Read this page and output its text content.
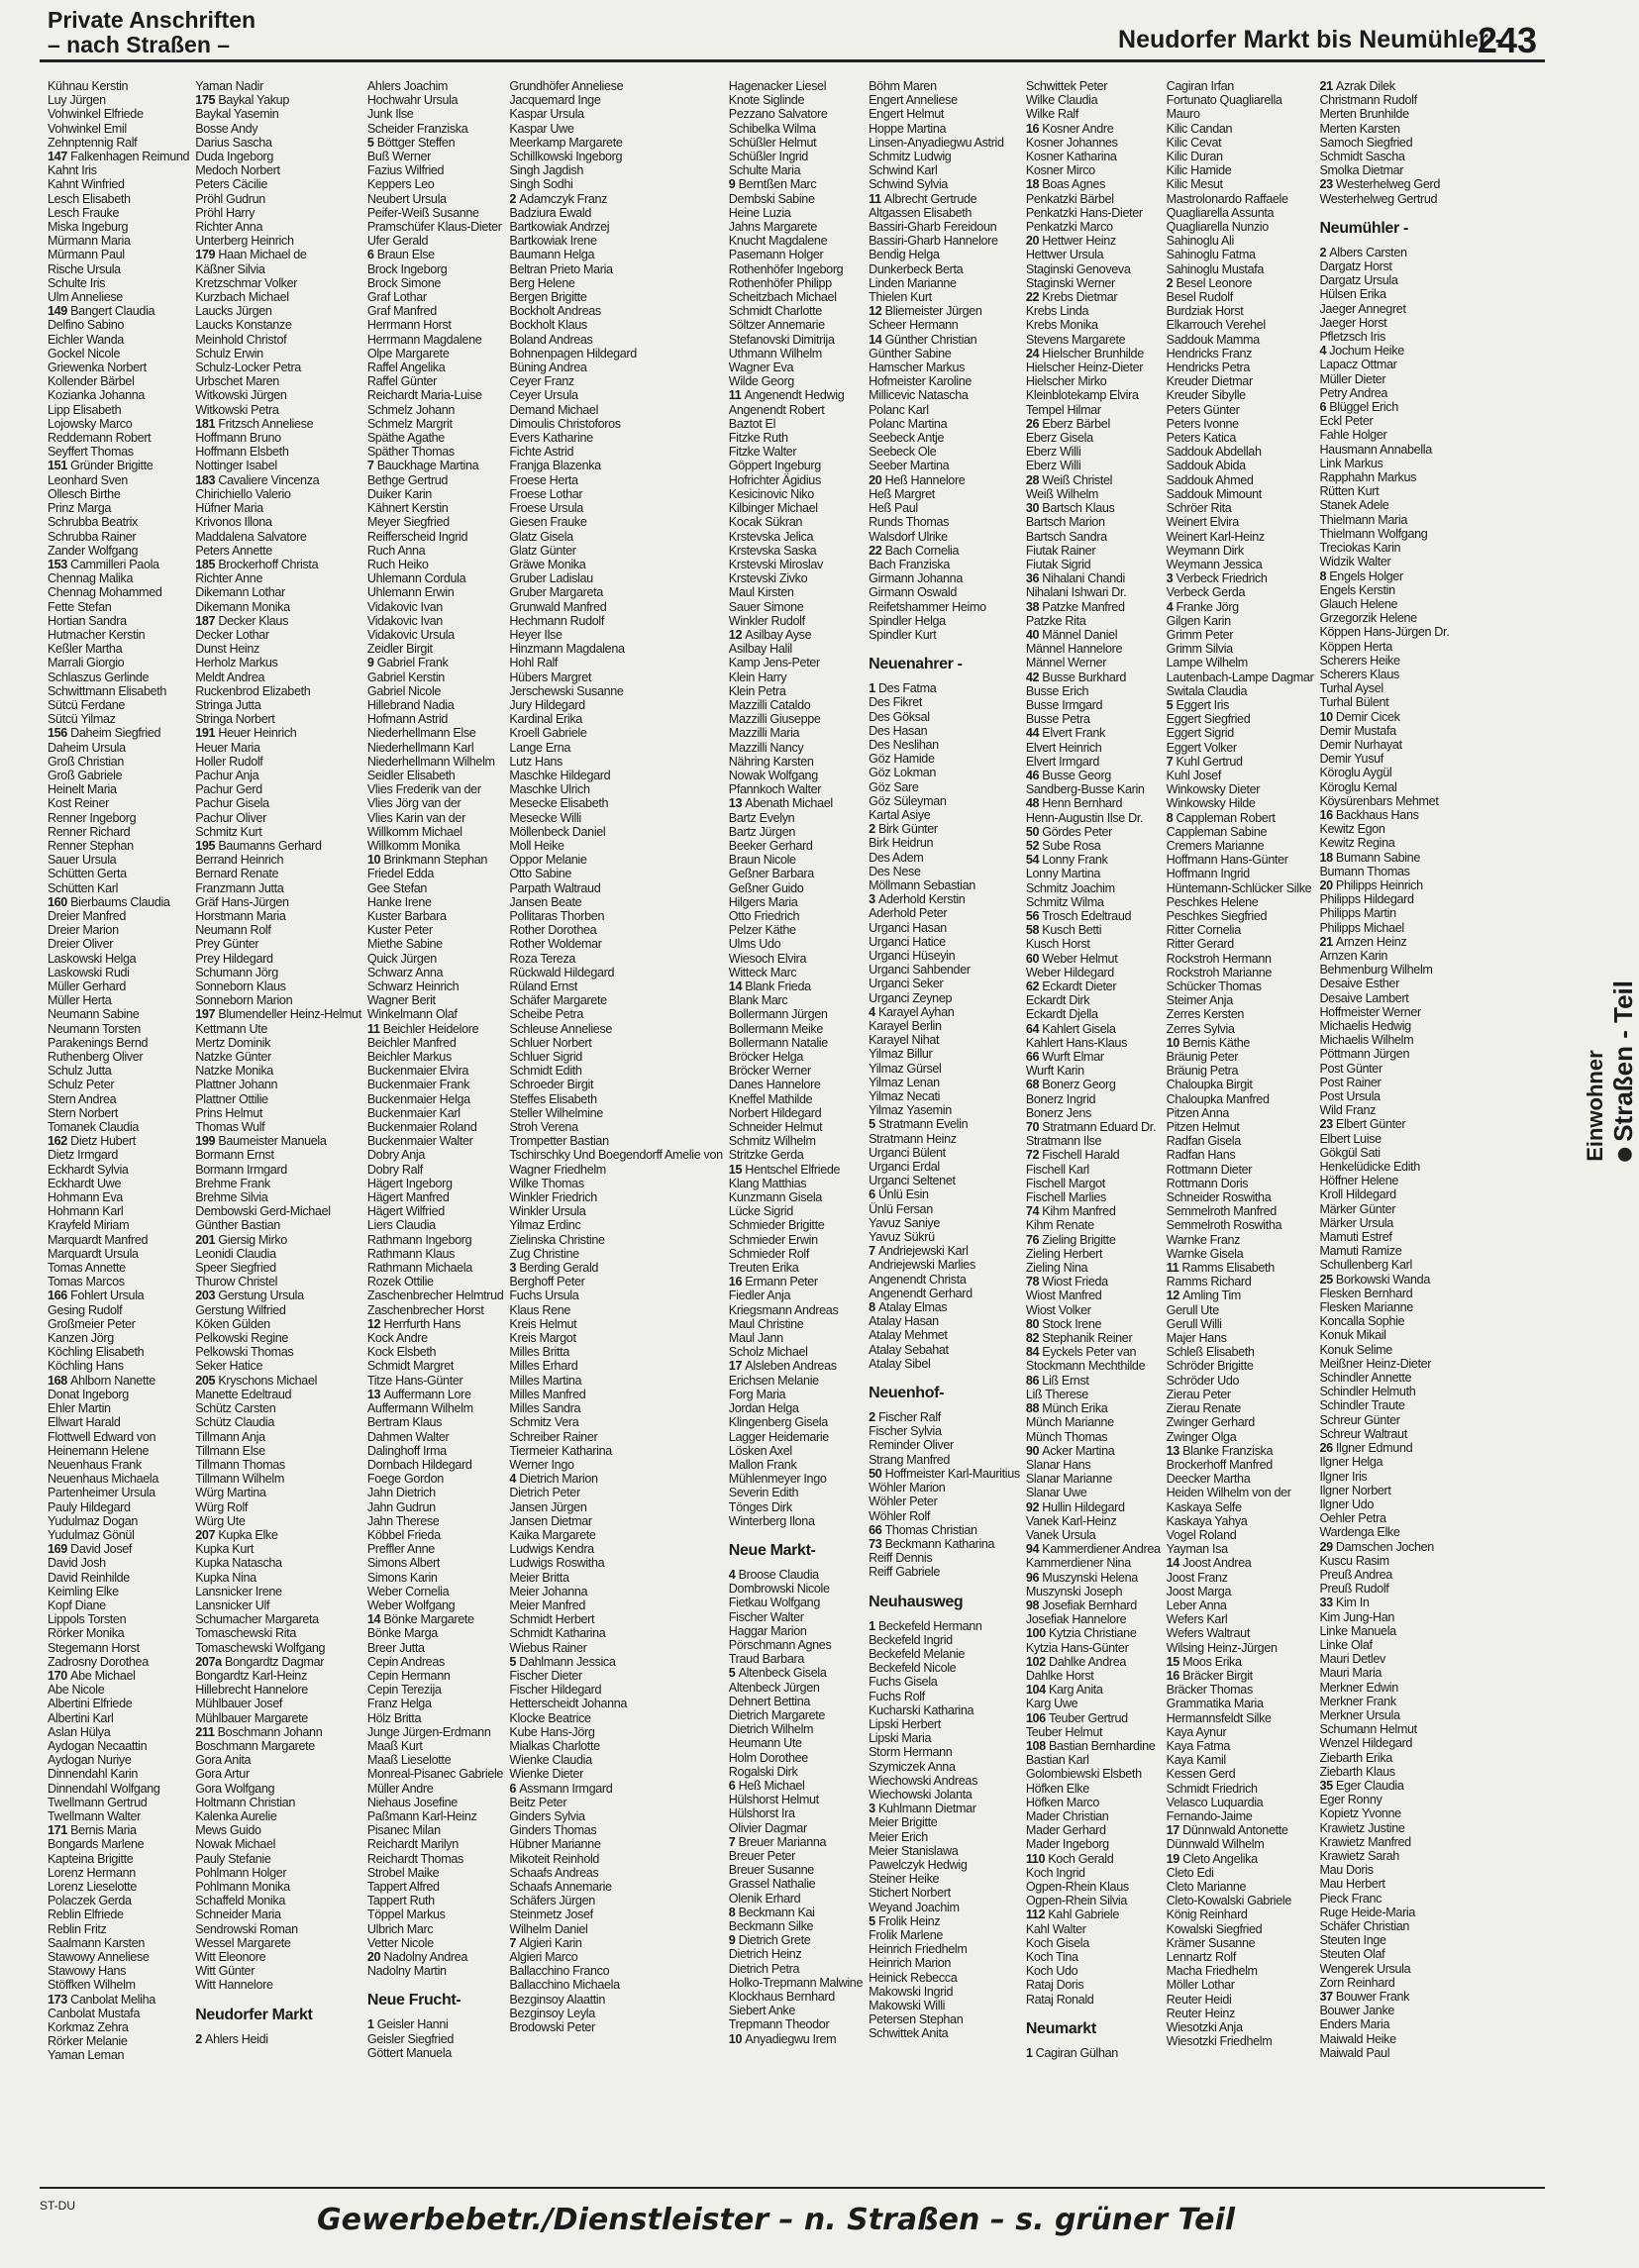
Private Anschriften
– nach Straßen –	Neudorfer Markt bis Neumühler -
243
Kühnau Kerstin
Luy Jürgen
Vohwinkel Elfriede
Vohwinkel Emil
Zehnptennig Ralf
147 Falkenhagen Reimund
Kahnt Iris
Kahnt Winfried
Lesch Elisabeth
Lesch Frauke
Miska Ingeburg
Mürmann Maria
Mürmann Paul
Rische Ursula
Schulte Iris
Ulm Anneliese
149 Bangert Claudia
Delfino Sabino
Eichler Wanda
Gockel Nicole
Griewenka Norbert
Kollender Bärbel
Kozianka Johanna
Lipp Elisabeth
Lojowsky Marco
Reddemann Robert
Seyffert Thomas
151 Gründer Brigitte
Leonhard Sven
Ollesch Birthe
Prinz Marga
Schrubba Beatrix
Schrubba Rainer
Zander Wolfgang
153 Cammilleri Paola
Chennag Malika
Chennag Mohammed
Fette Stefan
Hortian Sandra
Hutmacher Kerstin
Keßler Martha
Marrali Giorgio
Schlaszus Gerlinde
Schwittmann Elisabeth
Sütcü Ferdane
Sütcü Yilmaz
156 Daheim Siegfried
Daheim Ursula
Groß Christian
Groß Gabriele
Heinelt Maria
Kost Reiner
Renner Ingeborg
Renner Richard
Renner Stephan
Sauer Ursula
Schütten Gerta
Schütten Karl
160 Bierbaums Claudia
Dreier Manfred
Dreier Marion
Dreier Oliver
Laskowski Helga
Laskowski Rudi
Müller Gerhard
Müller Herta
Neumann Sabine
Neumann Torsten
Parakenings Bernd
Ruthenberg Oliver
Schulz Jutta
Schulz Peter
Stern Andrea
Stern Norbert
Tomanek Claudia
162 Dietz Hubert
Dietz Irmgard
Eckhardt Sylvia
Eckhardt Uwe
Hohmann Eva
Hohmann Karl
Krayfeld Miriam
Marquardt Manfred
Marquardt Ursula
Tomas Annette
Tomas Marcos
166 Fohlert Ursula
Gesing Rudolf
Großmeier Peter
Kanzen Jörg
Köchling Elisabeth
Köchling Hans
168 Ahlborn Nanette
Donat Ingeborg
Ehler Martin
Ellwart Harald
Flottwell Edward von
Heinemann Helene
Neuenhaus Frank
Neuenhaus Michaela
Partenheimer Ursula
Pauly Hildegard
Yudulmaz Dogan
Yudulmaz Gönül
169 David Josef
David Josh
David Reinhilde
Keimling Elke
Kopf Diane
Lippols Torsten
Rörker Monika
Stegemann Horst
Zadrosny Dorothea
170 Abe Michael
Abe Nicole
Albertini Elfriede
Albertini Karl
Aslan Hülya
Aydogan Necaattin
Aydogan Nuriye
Dinnendahl Karin
Dinnendahl Wolfgang
Twellmann Gertrud
Twellmann Walter
171 Bernis Maria
Bongards Marlene
Kapteina Brigitte
Lorenz Hermann
Lorenz Lieselotte
Polaczek Gerda
Reblin Elfriede
Reblin Fritz
Saalmann Karsten
Stawowy Anneliese
Stawowy Hans
Stöffken Wilhelm
173 Canbolat Meliha
Canbolat Mustafa
Korkmaz Zehra
Rörker Melanie
Yaman Leman
Yaman Nadir
175 Baykal Yakup
Baykal Yasemin
Bosse Andy
Darius Sascha
Duda Ingeborg
Medoch Norbert
Peters Cäcilie
Pröhl Gudrun
Pröhl Harry
Richter Anna
Unterberg Heinrich
179 Haan Michael de
Käßner Silvia
Kretzschmar Volker
Kurzbach Michael
Laucks Jürgen
Laucks Konstanze
Meinhold Christof
Schulz Erwin
Schulz-Locker Petra
Urbschet Maren
Witkowski Jürgen
Witkowski Petra
181 Fritzsch Anneliese
Hoffmann Bruno
Hoffmann Elsbeth
Nottinger Isabel
183 Cavaliere Vincenza
Chirichiello Valerio
Hüfner Maria
Krivonos Illona
Maddalena Salvatore
Peters Annette
185 Brockerhoff Christa
Richter Anne
Dikemann Lothar
Dikemann Monika
187 Decker Klaus
Decker Lothar
Dunst Heinz
Herholz Markus
Meldt Andrea
Ruckenbrod Elizabeth
Stringa Jutta
Stringa Norbert
191 Heuer Heinrich
Heuer Maria
Holler Rudolf
Pachur Anja
Pachur Gerd
Pachur Gisela
Pachur Oliver
Schmitz Kurt
195 Baumanns Gerhard
Berrand Heinrich
Bernard Renate
Franzmann Jutta
Gräf Hans-Jürgen
Horstmann Maria
Neumann Rolf
Prey Günter
Prey Hildegard
Schumann Jörg
Sonneborn Klaus
Sonneborn Marion
197 Blumendeller Heinz-Helmut
Kettmann Ute
Mertz Dominik
Natzke Günter
Natzke Monika
Plattner Johann
Plattner Ottilie
Prins Helmut
Thomas Wulf
199 Baumeister Manuela
Bormann Ernst
Bormann Irmgard
Brehme Frank
Brehme Silvia
Dembowski Gerd-Michael
Günther Bastian
201 Giersig Mirko
Leonidi Claudia
Speer Siegfried
Thurow Christel
203 Gerstung Ursula
Gerstung Wilfried
Köken Gülden
Pelkowski Regine
Pelkowski Thomas
Seker Hatice
205 Kryschons Michael
Manette Edeltraud
Schütz Carsten
Schütz Claudia
Tillmann Anja
Tillmann Else
Tillmann Thomas
Tillmann Wilhelm
Würg Martina
Würg Rolf
Würg Ute
207 Kupka Elke
Kupka Kurt
Kupka Natascha
Kupka Nina
Lansnicker Irene
Lansnicker Ulf
Schumacher Margareta
Tomaschewski Rita
Tomaschewski Wolfgang
207a Bongardtz Dagmar
Bongardtz Karl-Heinz
Hillebrecht Hannelore
Mühlbauer Josef
Mühlbauer Margarete
211 Boschmann Johann
Boschmann Margarete
Gora Anita
Gora Artur
Gora Wolfgang
Holtmann Christian
Kalenka Aurelie
Mews Guido
Nowak Michael
Pauly Stefanie
Pohlmann Holger
Pohlmann Monika
Schaffeld Monika
Schneider Maria
Sendrowski Roman
Wessel Margarete
Witt Eleonore
Witt Günter
Witt Hannelore
Neudorfer Markt
2 Ahlers Heidi
Ahlers Joachim
Hochwahr Ursula
Junk Ilse
Scheider Franziska
5 Böttger Steffen
Buß Werner
Fazius Wilfried
Keppers Leo
Neubert Ursula
Peifer-Weiß Susanne
Pramschüfer Klaus-Dieter
Ufer Gerald
6 Braun Else
Brock Ingeborg
Brock Simone
Graf Lothar
Graf Manfred
Herrmann Horst
Herrmann Magdalene
Olpe Margarete
Raffel Angelika
Raffel Günter
Reichardt Maria-Luise
Schmelz Johann
Schmelz Margrit
Späthe Agathe
Späther Thomas
7 Bauckhage Martina
Bethge Gertrud
Duiker Karin
Kähnert Kerstin
Meyer Siegfried
Reifferscheid Ingrid
Ruch Anna
Ruch Heiko
Uhlemann Cordula
Uhlemann Erwin
Vidakovic Ivan
Vidakovic Ivan
Vidakovic Ursula
Zeidler Birgit
9 Gabriel Frank
Gabriel Kerstin
Gabriel Nicole
Hillebrand Nadia
Hofmann Astrid
Niederhellmann Else
Niederhellmann Karl
Niederhellmann Wilhelm
Seidler Elisabeth
Vlies Frederik van der
Vlies Jörg van der
Vlies Karin van der
Willkomm Michael
Willkomm Monika
10 Brinkmann Stephan
Friedel Edda
Gee Stefan
Hanke Irene
Kuster Barbara
Kuster Peter
Miethe Sabine
Quick Jürgen
Schwarz Anna
Schwarz Heinrich
Wagner Berit
Winkelmann Olaf
11 Beichler Heidelore
Beichler Manfred
Beichler Markus
Buckenmaier Elvira
Buckenmaier Frank
Buckenmaier Helga
Buckenmaier Karl
Buckenmaier Roland
Buckenmaier Walter
Dobry Anja
Dobry Ralf
Hägert Ingeborg
Hägert Manfred
Hägert Wilfried
Liers Claudia
Rathmann Ingeborg
Rathmann Klaus
Rathmann Michaela
Rozek Ottilie
Zaschenbrecher Helmtrud
Zaschenbrecher Horst
12 Herrfurth Hans
Kock Andre
Kock Elsbeth
Schmidt Margret
Titze Hans-Günter
13 Auffermann Lore
Auffermann Wilhelm
Bertram Klaus
Dahmen Walter
Dalinghoff Irma
Dornbach Hildegard
Foege Gordon
Jahn Dietrich
Jahn Gudrun
Jahn Therese
Köbbel Frieda
Preffler Anne
Simons Albert
Simons Karin
Weber Cornelia
Weber Wolfgang
14 Bönke Margarete
Bönke Marga
Breer Jutta
Cepin Andreas
Cepin Hermann
Cepin Terezija
Franz Helga
Hölz Britta
Junge Jürgen-Erdmann
Maaß Kurt
Maaß Lieselotte
Monreal-Pisanec Gabriele
Müller Andre
Niehaus Josefine
Paßmann Karl-Heinz
Pisanec Milan
Reichardt Marilyn
Reichardt Thomas
Strobel Maike
Tappert Alfred
Tappert Ruth
Töppel Markus
Ulbrich Marc
Vetter Nicole
20 Nadolny Andrea
Nadolny Martin
Neue Frucht-
1 Geisler Hanni
Geisler Siegfried
Göttert Manuela
Grundhöfer Anneliese
Jacquemard Inge
Kaspar Ursula
Kaspar Uwe
Meerkamp Margarete
Schillkowski Ingeborg
Singh Jagdish
Singh Sodhi
2 Adamczyk Franz
Badziura Ewald
Bartkowiak Andrzej
Bartkowiak Irene
Baumann Helga
Beltran Prieto Maria
Berg Helene
Bergen Brigitte
Bockholt Andreas
Bockholt Klaus
Boland Andreas
Bohnenpagen Hildegard
Büning Andrea
Ceyer Franz
Ceyer Ursula
Demand Michael
Dimoulis Christoforos
Evers Katharine
Fichte Astrid
Franjga Blazenka
Froese Herta
Froese Lothar
Froese Ursula
Giesen Frauke
Glatz Gisela
Glatz Günter
Gräwe Monika
Gruber Ladislau
Gruber Margareta
Grunwald Manfred
Hechmann Rudolf
Heyer Ilse
Hinzmann Magdalena
Hohl Ralf
Hübers Margret
Jerschewski Susanne
Jury Hildegard
Kardinal Erika
Kroell Gabriele
Lange Erna
Lutz Hans
Maschke Hildegard
Maschke Ulrich
Mesecke Elisabeth
Mesecke Willi
Möllenbeck Daniel
Moll Heike
Oppor Melanie
Otto Sabine
Parpath Waltraud
Jansen Beate
Pollitaras Thorben
Rother Dorothea
Rother Woldemar
Roza Tereza
Rückwald Hildegard
Rüland Ernst
Schäfer Margarete
Scheibe Petra
Schleuse Anneliese
Schluer Norbert
Schluer Sigrid
Schmidt Edith
Schroeder Birgit
Steffes Elisabeth
Steller Wilhelmine
Stroh Verena
Trompetter Bastian
Tschirschky Und Boegendorff Amelie von
Wagner Friedhelm
Wilke Thomas
Winkler Friedrich
Winkler Ursula
Yilmaz Erdinc
Zielinska Christine
Zug Christine
3 Berding Gerald
Berghoff Peter
Fuchs Ursula
Klaus Rene
Kreis Helmut
Kreis Margot
Milles Britta
Milles Erhard
Milles Martina
Milles Manfred
Milles Sandra
Schmitz Vera
Schreiber Rainer
Tiermeier Katharina
Werner Ingo
4 Dietrich Marion
Dietrich Peter
Jansen Jürgen
Jansen Dietmar
Kaika Margarete
Ludwigs Kendra
Ludwigs Roswitha
Meier Britta
Meier Johanna
Meier Manfred
Schmidt Herbert
Schmidt Katharina
Wiebus Rainer
5 Dahlmann Jessica
Fischer Dieter
Fischer Hildegard
Hetterscheidt Johanna
Klocke Beatrice
Kube Hans-Jörg
Mialkas Charlotte
Wienke Claudia
Wienke Dieter
6 Assmann Irmgard
Beitz Peter
Ginders Sylvia
Ginders Thomas
Hübner Marianne
Mikoteit Reinhold
Schaafs Andreas
Schaafs Annemarie
Schäfers Jürgen
Steinmetz Josef
Wilhelm Daniel
7 Algieri Karin
Algieri Marco
Ballacchino Franco
Ballacchino Michaela
Bezginsoy Alaattin
Bezginsoy Leyla
Brodowski Peter
Hagenacker Liesel
Knote Siglinde
Pezzano Salvatore
Schibelka Wilma
Schüßler Helmut
Schüßler Ingrid
Schulte Maria
9 Berntßen Marc
Dembski Sabine
Heine Luzia
Jahns Margarete
Knucht Magdalene
Pasemann Holger
Rothenhöfer Ingeborg
Rothenhöfer Philipp
Scheitzbach Michael
Schmidt Charlotte
Söltzer Annemarie
Stefanovski Dimitrija
Uthmann Wilhelm
Wagner Eva
Wilde Georg
11 Angenendt Hedwig
Angenendt Robert
Baztot El
Fitzke Ruth
Fitzke Walter
Göppert Ingeburg
Hofrichter Ägidius
Kesicinovic Niko
Kilbinger Michael
Kocak Sükran
Krstevska Jelica
Krstevska Saska
Krstevski Miroslav
Krstevski Zivko
Maul Kirsten
Sauer Simone
Winkler Rudolf
12 Asilbay Ayse
Asilbay Halil
Kamp Jens-Peter
Klein Harry
Klein Petra
Mazzilli Cataldo
Mazzilli Giuseppe
Mazzilli Maria
Mazzilli Nancy
Nähring Karsten
Nowak Wolfgang
Pfannkoch Walter
13 Abenath Michael
Bartz Evelyn
Bartz Jürgen
Beeker Gerhard
Braun Nicole
Geßner Barbara
Geßner Guido
Hilgers Maria
Otto Friedrich
Pelzer Käthe
Ulms Udo
Wiesoch Elvira
Witteck Marc
14 Blank Frieda
Blank Marc
Bollermann Jürgen
Bollermann Meike
Bollermann Natalie
Bröcker Helga
Bröcker Werner
Danes Hannelore
Kneffel Mathilde
Norbert Hildegard
Schneider Helmut
Schmitz Wilhelm
Stritzke Gerda
15 Hentschel Elfriede
Klang Matthias
Kunzmann Gisela
Lücke Sigrid
Schmieder Brigitte
Schmieder Erwin
Schmieder Rolf
Treuten Erika
16 Ermann Peter
Fiedler Anja
Kriegsmann Andreas
Maul Christine
Maul Jann
Scholz Michael
17 Alsleben Andreas
Erichsen Melanie
Forg Maria
Jordan Helga
Klingenberg Gisela
Lagger Heidemarie
Lösken Axel
Mallon Frank
Mühlenmeyer Ingo
Severin Edith
Tönges Dirk
Winterberg Ilona
Neue Markt-
4 Broose Claudia
Dombrowski Nicole
Fietkau Wolfgang
Fischer Walter
Haggar Marion
Pörschmann Agnes
Traud Barbara
5 Altenbeck Gisela
Altenbeck Jürgen
Dehnert Bettina
Dietrich Margarete
Dietrich Wilhelm
Heumann Ute
Holm Dorothee
Rogalski Dirk
6 Heß Michael
Hülshorst Helmut
Hülshorst Ira
Olivier Dagmar
7 Breuer Marianna
Breuer Peter
Breuer Susanne
Grassel Nathalie
Olenik Erhard
8 Beckmann Kai
Beckmann Silke
9 Dietrich Grete
Dietrich Heinz
Dietrich Petra
Holko-Trepmann Malwine
Klockhaus Bernhard
Siebert Anke
Trepmann Theodor
10 Anyadiegwu Irem
Böhm Maren
Engert Anneliese
Engert Helmut
Hoppe Martina
Linsen-Anyadiegwu Astrid
Schmitz Ludwig
Schwind Karl
Schwind Sylvia
11 Albrecht Gertrude
Altgassen Elisabeth
Bassiri-Gharb Fereidoun
Bassiri-Gharb Hannelore
Bendig Helga
Dunkerbeck Berta
Linden Marianne
Thielen Kurt
12 Bliemeister Jürgen
Scheer Hermann
14 Günther Christian
Günther Sabine
Hamscher Markus
Hofmeister Karoline
Millicevic Natascha
Polanc Karl
Polanc Martina
Seebeck Antje
Seebeck Ole
Seeber Martina
20 Heß Hannelore
Heß Margret
Heß Paul
Runds Thomas
Walsdorf Ulrike
22 Bach Cornelia
Bach Franziska
Girmann Johanna
Girmann Oswald
Reifetshammer Heimo
Spindler Helga
Spindler Kurt
Neuenahrer -
1 Des Fatma
Des Fikret
Des Göksal
Des Hasan
Des Neslihan
Göz Hamide
Göz Lokman
Göz Sare
Göz Süleyman
Kartal Asiye
2 Birk Günter
Birk Heidrun
Des Adem
Des Nese
Möllmann Sebastian
3 Aderhold Kerstin
Aderhold Peter
Urganci Hasan
Urganci Hatice
Urganci Hüseyin
Urganci Sahbender
Urganci Seker
Urganci Zeynep
4 Karayel Ayhan
Karayel Berlin
Karayel Nihat
Yilmaz Billur
Yilmaz Gürsel
Yilmaz Lenan
Yilmaz Necati
Yilmaz Yasemin
5 Stratmann Evelin
Stratmann Heinz
Urganci Bülent
Urganci Erdal
Urganci Seltenet
6 Ünlü Esin
Ünlü Fersan
Yavuz Saniye
Yavuz Sükrü
7 Andriejewski Karl
Andriejewski Marlies
Angenendt Christa
Angenendt Gerhard
8 Atalay Elmas
Atalay Hasan
Atalay Mehmet
Atalay Sebahat
Atalay Sibel
Neuenhof-
2 Fischer Ralf
Fischer Sylvia
Reminder Oliver
Strang Manfred
50 Hoffmeister Karl-Mauritius
Wöhler Marion
Wöhler Peter
Wöhler Rolf
66 Thomas Christian
73 Beckmann Katharina
Reiff Dennis
Reiff Gabriele
Neuhausweg
1 Beckefeld Hermann
Beckefeld Ingrid
Beckefeld Melanie
Beckefeld Nicole
Fuchs Gisela
Fuchs Rolf
Kucharski Katharina
Lipski Herbert
Lipski Maria
Storm Hermann
Szymiczek Anna
Wiechowski Andreas
Wiechowski Jolanta
3 Kuhlmann Dietmar
Meier Brigitte
Meier Erich
Meier Stanislawa
Pawelczyk Hedwig
Steiner Heike
Stichert Norbert
Weyand Joachim
5 Frolik Heinz
Frolik Marlene
Heinrich Friedhelm
Heinrich Marion
Heinick Rebecca
Makowski Ingrid
Makowski Willi
Petersen Stephan
Schwittek Anita
Schwittek Peter
Wilke Claudia
Wilke Ralf
16 Kosner Andre
Kosner Johannes
Kosner Katharina
Kosner Mirco
18 Boas Agnes
Penkatzki Bärbel
Penkatzki Hans-Dieter
Penkatzki Marco
20 Hettwer Heinz
Hettwer Ursula
Staginski Genoveva
Staginski Werner
22 Krebs Dietmar
Krebs Linda
Krebs Monika
Stevens Margarete
24 Hielscher Brunhilde
Hielscher Heinz-Dieter
Hielscher Mirko
Kleinblotekamp Elvira
Tempel Hilmar
26 Eberz Bärbel
Eberz Gisela
Eberz Willi
Eberz Willi
28 Weiß Christel
Weiß Wilhelm
30 Bartsch Klaus
Bartsch Marion
Bartsch Sandra
Fiutak Rainer
Fiutak Sigrid
36 Nihalani Chandi
Nihalani Ishwari Dr.
38 Patzke Manfred
Patzke Rita
40 Männel Daniel
Männel Hannelore
Männel Werner
42 Busse Burkhard
Busse Erich
Busse Irmgard
Busse Petra
44 Elvert Frank
Elvert Heinrich
Elvert Irmgard
46 Busse Georg
Sandberg-Busse Karin
48 Henn Bernhard
Henn-Augustin Ilse Dr.
50 Gördes Peter
52 Sube Rosa
54 Lonny Frank
Lonny Martina
Schmitz Joachim
Schmitz Wilma
56 Trosch Edeltraud
58 Kusch Betti
Kusch Horst
60 Weber Helmut
Weber Hildegard
62 Eckardt Dieter
Eckardt Dirk
Eckardt Djella
64 Kahlert Gisela
Kahlert Hans-Klaus
66 Wurft Elmar
Wurft Karin
68 Bonerz Georg
Bonerz Ingrid
Bonerz Jens
70 Stratmann Eduard Dr.
Stratmann Ilse
72 Fischell Harald
Fischell Karl
Fischell Margot
Fischell Marlies
74 Kihm Manfred
Kihm Renate
76 Zieling Brigitte
Zieling Herbert
Zieling Nina
78 Wiost Frieda
Wiost Manfred
Wiost Volker
80 Stock Irene
82 Stephanik Reiner
84 Eyckels Peter van
Stockmann Mechthilde
86 Liß Ernst
Liß Therese
88 Münch Erika
Münch Marianne
Münch Thomas
90 Acker Martina
Slanar Hans
Slanar Marianne
Slanar Uwe
92 Hullin Hildegard
Vanek Karl-Heinz
Vanek Ursula
94 Kammerdiener Andrea
Kammerdiener Nina
96 Muszynski Helena
Muszynski Joseph
98 Josefiak Bernhard
Josefiak Hannelore
100 Kytzia Christiane
Kytzia Hans-Günter
102 Dahlke Andrea
Dahlke Horst
104 Karg Anita
Karg Uwe
106 Teuber Gertrud
Teuber Helmut
108 Bastian Bernhardine
Bastian Karl
Golombiewski Elsbeth
Höfken Elke
Höfken Marco
Mader Christian
Mader Gerhard
Mader Ingeborg
110 Koch Gerald
Koch Ingrid
Ogpen-Rhein Klaus
Ogpen-Rhein Silvia
112 Kahl Gabriele
Kahl Walter
Koch Gisela
Koch Tina
Koch Udo
Rataj Doris
Rataj Ronald
Neumarkt
1 Cagiran Gülhan
Cagiran Irfan
Fortunato Quagliarella
Mauro
Kilic Candan
Kilic Cevat
Kilic Duran
Kilic Hamide
Kilic Mesut
Mastrolonardo Raffaele
Quagliarella Assunta
Quagliarella Nunzio
Sahinoglu Ali
Sahinoglu Fatma
Sahinoglu Mustafa
2 Besel Leonore
Besel Rudolf
Burdziak Horst
Elkarrouch Verehel
Saddouk Mamma
Hendricks Franz
Hendricks Petra
Kreuder Dietmar
Kreuder Sibylle
Peters Günter
Peters Ivonne
Peters Katica
Saddouk Abdellah
Saddouk Abida
Saddouk Ahmed
Saddouk Mimount
Schröer Rita
Weinert Elvira
Weinert Karl-Heinz
Weymann Dirk
Weymann Jessica
3 Verbeck Friedrich
Verbeck Gerda
4 Franke Jörg
Gilgen Karin
Grimm Peter
Grimm Silvia
Lampe Wilhelm
Lautenbach-Lampe Dagmar
Switala Claudia
5 Eggert Iris
Eggert Siegfried
Eggert Sigrid
Eggert Volker
7 Kuhl Gertrud
Kuhl Josef
Winkowsky Dieter
Winkowsky Hilde
8 Cappleman Robert
Cappleman Sabine
Cremers Marianne
Hoffmann Hans-Günter
Hoffmann Ingrid
Hüntemann-Schlücker Silke
Peschkes Helene
Peschkes Siegfried
Ritter Cornelia
Ritter Gerard
Rockstroh Hermann
Rockstroh Marianne
Schücker Thomas
Steimer Anja
Zerres Kersten
Zerres Sylvia
10 Bernis Käthe
Bräunig Peter
Bräunig Petra
Chaloupka Birgit
Chaloupka Manfred
Pitzen Anna
Pitzen Helmut
Radfan Gisela
Radfan Hans
Rottmann Dieter
Rottmann Doris
Schneider Roswitha
Semmelroth Manfred
Semmelroth Roswitha
Warnke Franz
Warnke Gisela
11 Ramms Elisabeth
Ramms Richard
12 Amling Tim
Gerull Ute
Gerull Willi
Majer Hans
Schleß Elisabeth
Schröder Brigitte
Schröder Udo
Zierau Peter
Zierau Renate
Zwinger Gerhard
Zwinger Olga
13 Blanke Franziska
Brockerhoff Manfred
Deecker Martha
Heiden Wilhelm von der
Kaskaya Selfe
Kaskaya Yahya
Vogel Roland
Yayman Isa
14 Joost Andrea
Joost Franz
Joost Marga
Leber Anna
Wefers Karl
Wefers Waltraut
Wilsing Heinz-Jürgen
15 Moos Erika
16 Bräcker Birgit
Bräcker Thomas
Grammatika Maria
Hermannsfeldt Silke
Kaya Aynur
Kaya Fatma
Kaya Kamil
Kessen Gerd
Schmidt Friedrich
Velasco Luquardia
Fernando-Jaime
17 Dünnwald Antonette
Dünnwald Wilhelm
19 Cleto Angelika
Cleto Edi
Cleto Marianne
Cleto-Kowalski Gabriele
König Reinhard
Kowalski Siegfried
Krämer Susanne
Lennartz Rolf
Macha Friedhelm
Möller Lothar
Reuter Heidi
Reuter Heinz
Wiesotzki Anja
Wiesotzki Friedhelm
21 Azrak Dilek
Christmann Rudolf
Merten Brunhilde
Merten Karsten
Samoch Siegfried
Schmidt Sascha
Smolka Dietmar
23 Westerhelweg Gerd
Westerhelweg Gertrud
Neumühler -
2 Albers Carsten
Dargatz Horst
Dargatz Ursula
Hülsen Erika
Jaeger Annegret
Jaeger Horst
Pfletzsch Iris
4 Jochum Heike
Lapacz Ottmar
Müller Dieter
Petry Andrea
6 Blüggel Erich
Eckl Peter
Fahle Holger
Hausmann Annabella
Link Markus
Rapphahn Markus
Rütten Kurt
Stanek Adele
Thielmann Maria
Thielmann Wolfgang
Treciokas Karin
Widzik Walter
8 Engels Holger
Engels Kerstin
Glauch Helene
Grzegorzik Helene
Köppen Hans-Jürgen Dr.
Köppen Herta
Scherers Heike
Scherers Klaus
Turhal Aysel
Turhal Bülent
10 Demir Cicek
Demir Mustafa
Demir Nurhayat
Demir Yusuf
Köroglu Aygül
Köroglu Kemal
Köysürenbars Mehmet
16 Backhaus Hans
Kewitz Egon
Kewitz Regina
18 Bumann Sabine
Bumann Thomas
20 Philipps Heinrich
Philipps Hildegard
Philipps Martin
Philipps Michael
21 Arnzen Heinz
Arnzen Karin
Behmenburg Wilhelm
Desaive Esther
Desaive Lambert
Hoffmeister Werner
Michaelis Hedwig
Michaelis Wilhelm
Pöttmann Jürgen
Post Günter
Post Rainer
Post Ursula
Wild Franz
23 Elbert Günter
Elbert Luise
Gökgül Sati
Henkelüdicke Edith
Höffner Helene
Kroll Hildegard
Märker Günter
Märker Ursula
Mamuti Estref
Mamuti Ramize
Schullenberg Karl
25 Borkowski Wanda
Flesken Bernhard
Flesken Marianne
Koncalla Sophie
Konuk Mikail
Konuk Selime
Meißner Heinz-Dieter
Schindler Annette
Schindler Helmuth
Schindler Traute
Schreur Günter
Schreur Waltraut
26 Ilgner Edmund
Ilgner Helga
Ilgner Iris
Ilgner Norbert
Ilgner Udo
Oehler Petra
Wardenga Elke
29 Damschen Jochen
Kuscu Rasim
Preuß Andrea
Preuß Rudolf
33 Kim In
Kim Jung-Han
Linke Manuela
Linke Olaf
Mauri Detlev
Mauri Maria
Merkner Edwin
Merkner Frank
Merkner Ursula
Schumann Helmut
Wenzel Hildegard
Ziebarth Erika
Ziebarth Klaus
35 Eger Claudia
Eger Ronny
Kopietz Yvonne
Krawietz Justine
Krawietz Manfred
Krawietz Sarah
Mau Doris
Mau Herbert
Pieck Franc
Ruge Heide-Maria
Schäfer Christian
Steuten Inge
Steuten Olaf
Wengerek Ursula
Zorn Reinhard
37 Bouwer Frank
Bouwer Janke
Enders Maria
Maiwald Heike
Maiwald Paul
Einwohner Straßen - Teil
ST-DU	Gewerbebetr./Dienstleister – n. Straßen – s. grüner Teil
